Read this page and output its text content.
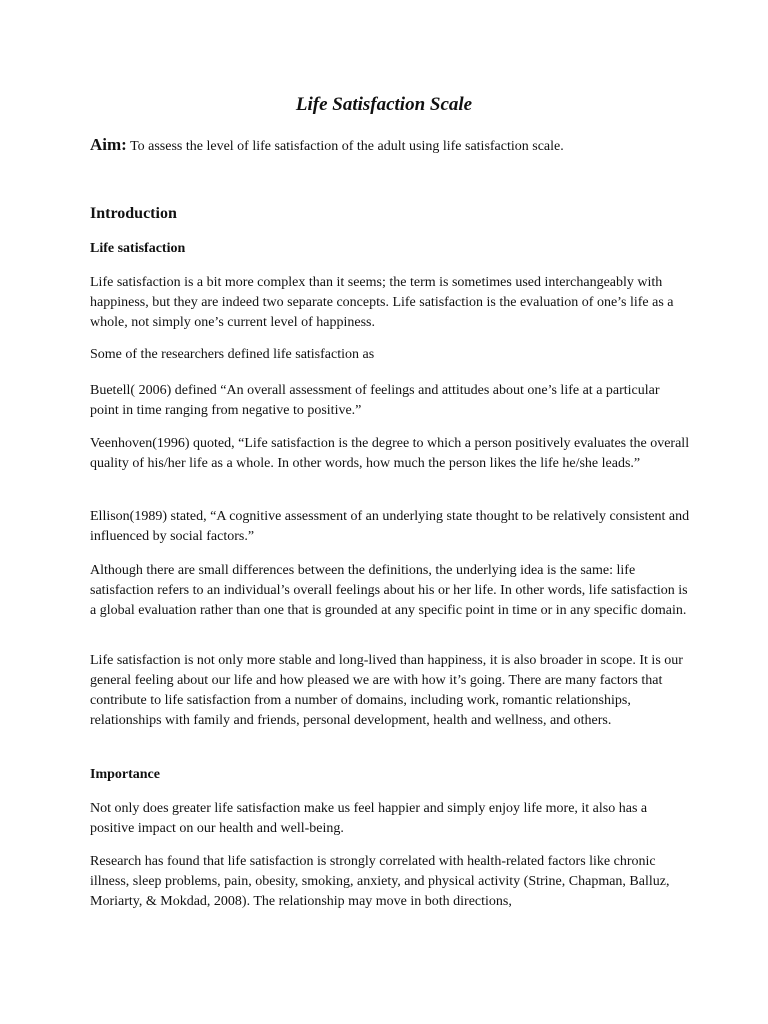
Life Satisfaction Scale
Aim: To assess the level of life satisfaction of the adult using life satisfaction scale.
Introduction
Life satisfaction

Life satisfaction is a bit more complex than it seems; the term is sometimes used interchangeably with happiness, but they are indeed two separate concepts. Life satisfaction is the evaluation of one’s life as a whole, not simply one’s current level of happiness.

Some of the researchers defined life satisfaction as

Buetell( 2006) defined “An overall assessment of feelings and attitudes about one’s life at a particular point in time ranging from negative to positive.”

Veenhoven(1996) quoted, “Life satisfaction is the degree to which a person positively evaluates the overall quality of his/her life as a whole. In other words, how much the person likes the life he/she leads.”

Ellison(1989) stated, “A cognitive assessment of an underlying state thought to be relatively consistent and influenced by social factors.”

Although there are small differences between the definitions, the underlying idea is the same: life satisfaction refers to an individual’s overall feelings about his or her life. In other words, life satisfaction is a global evaluation rather than one that is grounded at any specific point in time or in any specific domain.

Life satisfaction is not only more stable and long-lived than happiness, it is also broader in scope. It is our general feeling about our life and how pleased we are with how it’s going. There are many factors that contribute to life satisfaction from a number of domains, including work, romantic relationships, relationships with family and friends, personal development, health and wellness, and others.

Importance

Not only does greater life satisfaction make us feel happier and simply enjoy life more, it also has a positive impact on our health and well-being.

Research has found that life satisfaction is strongly correlated with health-related factors like chronic illness, sleep problems, pain, obesity, smoking, anxiety, and physical activity (Strine, Chapman, Balluz, Moriarty, & Mokdad, 2008). The relationship may move in both directions,
